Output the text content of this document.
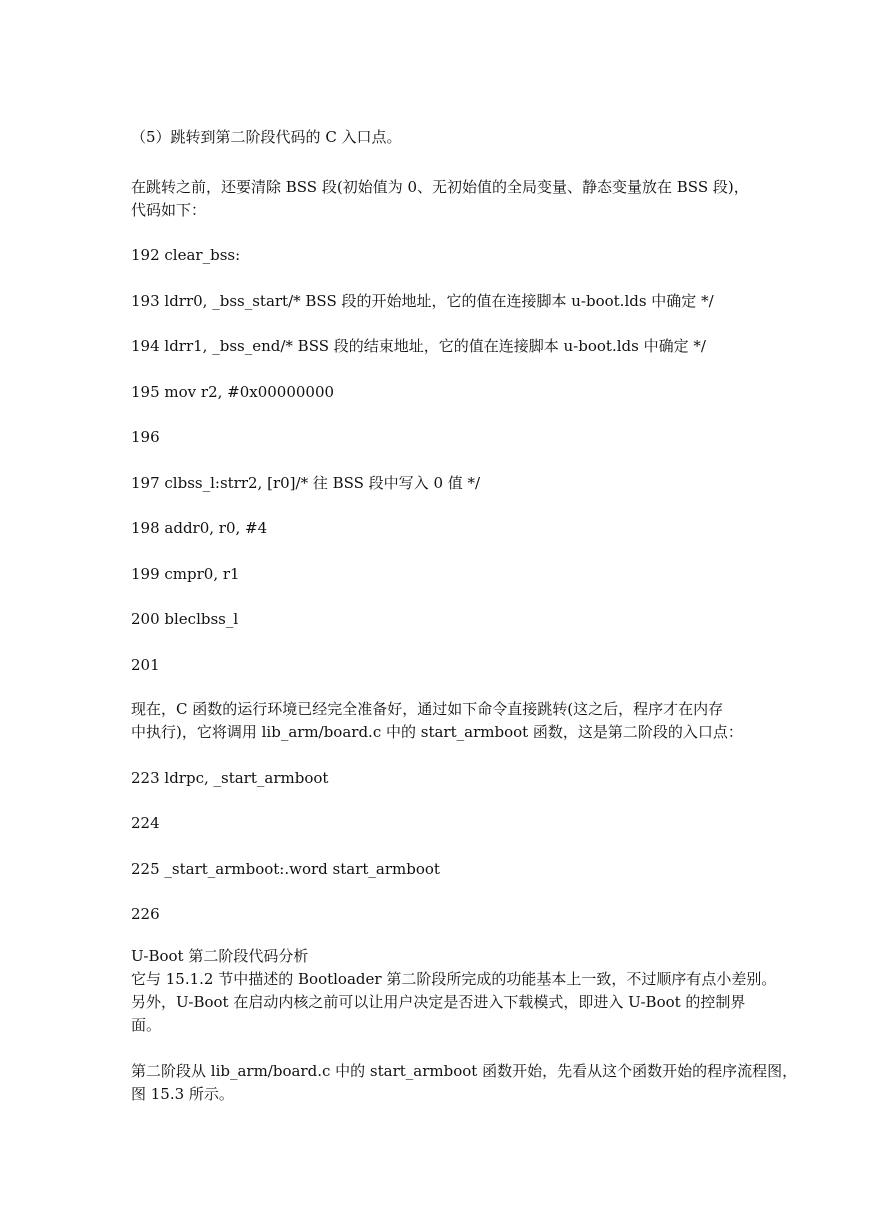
（5）跳转到第二阶段代码的 C 入口点。
在跳转之前，还要清除 BSS 段(初始值为 0、无初始值的全局变量、静态变量放在 BSS 段)，
代码如下：
192 clear_bss:
193 ldrr0, _bss_start/* BSS 段的开始地址，它的值在连接脚本 u-boot.lds 中确定 */
194 ldrr1, _bss_end/* BSS 段的结束地址，它的值在连接脚本 u-boot.lds 中确定 */
195 mov r2, #0x00000000
196
197 clbss_l:strr2, [r0]/* 往 BSS 段中写入 0 值 */
198 addr0, r0, #4
199 cmpr0, r1
200 bleclbss_l
201
现在，C 函数的运行环境已经完全准备好，通过如下命令直接跳转(这之后，程序才在内存
中执行)，它将调用 lib_arm/board.c 中的 start_armboot 函数，这是第二阶段的入口点：
223 ldrpc, _start_armboot
224
225 _start_armboot:.word start_armboot
226
U-Boot 第二阶段代码分析
它与 15.1.2 节中描述的 Bootloader 第二阶段所完成的功能基本上一致，不过顺序有点小差别。
另外，U-Boot 在启动内核之前可以让用户决定是否进入下载模式，即进入 U-Boot 的控制界
面。
第二阶段从 lib_arm/board.c 中的 start_armboot 函数开始，先看从这个函数开始的程序流程图，
图 15.3 所示。
